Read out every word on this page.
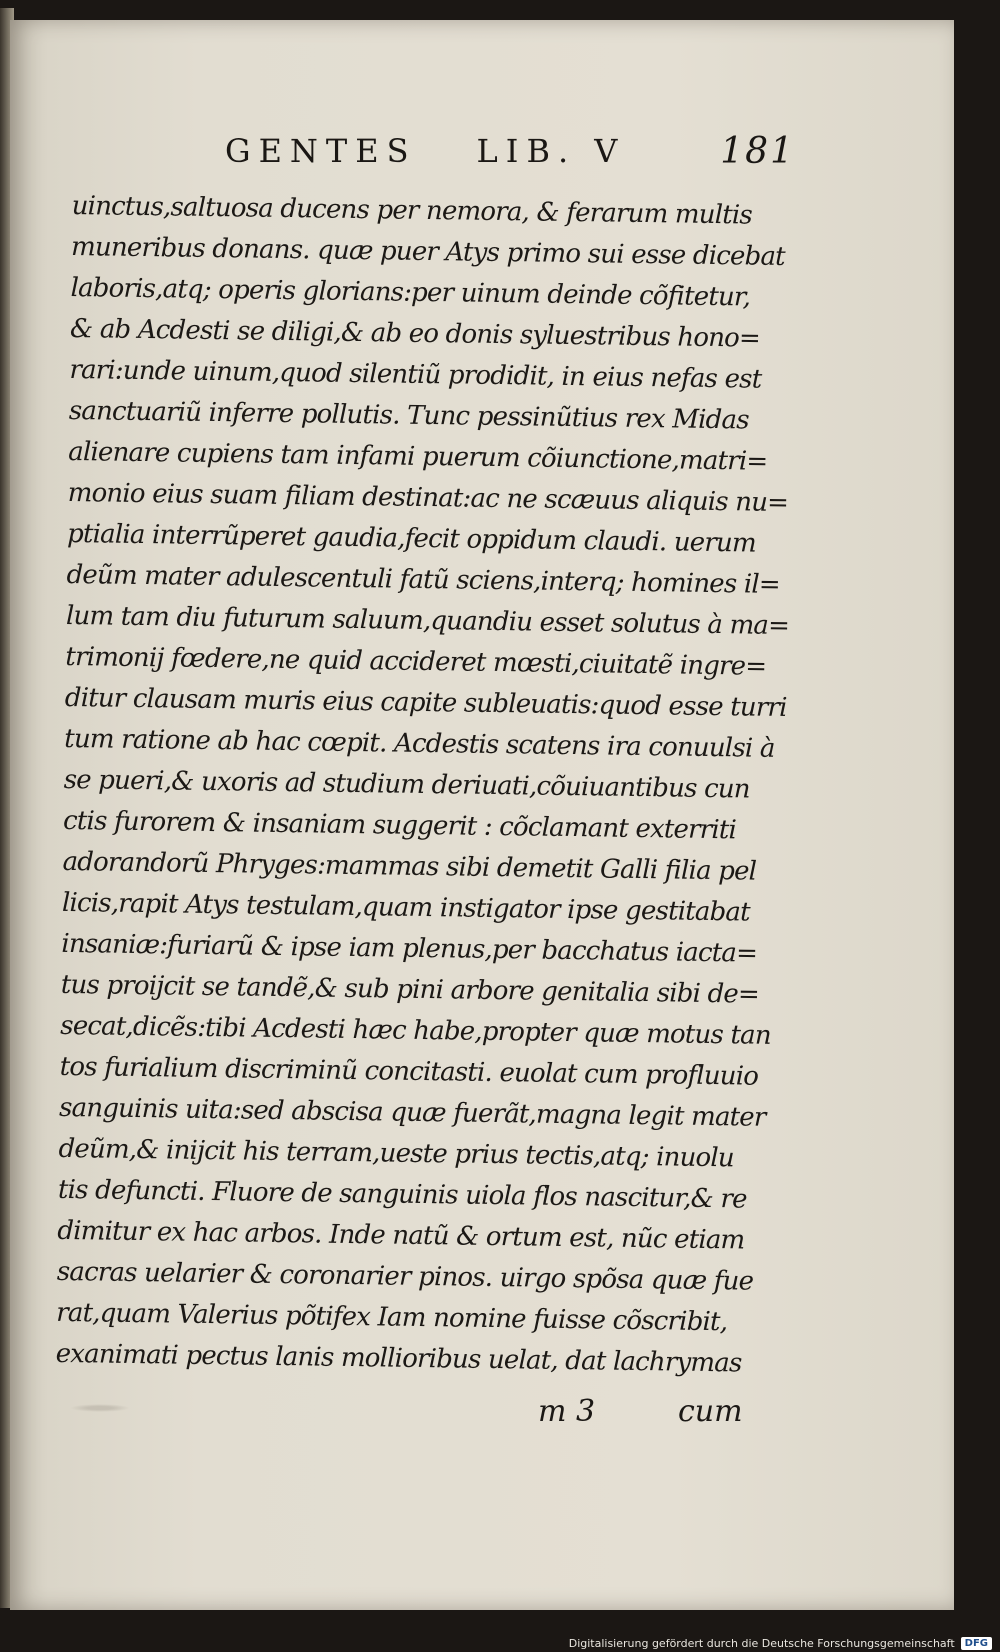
GENTES LIB. V	181
uinctus,saltuosa ducens per nemora, & ferarum multis
muneribus donans. quæ puer Atys primo sui esse dicebat
laboris,atq; operis glorians:per uinum deinde cõfitetur,
& ab Acdesti se diligi,& ab eo donis syluestribus hono=
rari:unde uinum,quod silentiũ prodidit, in eius nefas est
sanctuariũ inferre pollutis. Tunc pessinũtius rex Midas
alienare cupiens tam infami puerum cõiunctione,matri=
monio eius suam filiam destinat:ac ne scæuus aliquis nu=
ptialia interrũperet gaudia,fecit oppidum claudi. uerum
deũm mater adulescentuli fatũ sciens,interq; homines il=
lum tam diu futurum saluum,quandiu esset solutus à ma=
trimonij fœdere,ne quid accideret mœsti,ciuitatẽ ingre=
ditur clausam muris eius capite subleuatis:quod esse turri
tum ratione ab hac cœpit. Acdestis scatens ira conuulsi à
se pueri,& uxoris ad studium deriuati,cõuiuantibus cun
ctis furorem & insaniam suggerit : cõclamant exterriti
adorandorũ Phryges:mammas sibi demetit Galli filia pel
licis,rapit Atys testulam,quam instigator ipse gestitabat
insaniæ:furiarũ & ipse iam plenus,per bacchatus iacta=
tus proijcit se tandẽ,& sub pini arbore genitalia sibi de=
secat,dicẽs:tibi Acdesti hæc habe,propter quæ motus tan
tos furialium discriminũ concitasti. euolat cum profluuio
sanguinis uita:sed abscisa quæ fuerãt,magna legit mater
deũm,& inijcit his terram,ueste prius tectis,atq; inuolu
tis defuncti. Fluore de sanguinis uiola flos nascitur,& re
dimitur ex hac arbos. Inde natũ & ortum est, nũc etiam
sacras uelarier & coronarier pinos. uirgo spõsa quæ fue
rat,quam Valerius põtifex Iam nomine fuisse cõscribit,
exanimati pectus lanis mollioribus uelat, dat lachrymas
m 3	cum
Digitalisierung gefördert durch die Deutsche Forschungsgemeinschaft	DFG
